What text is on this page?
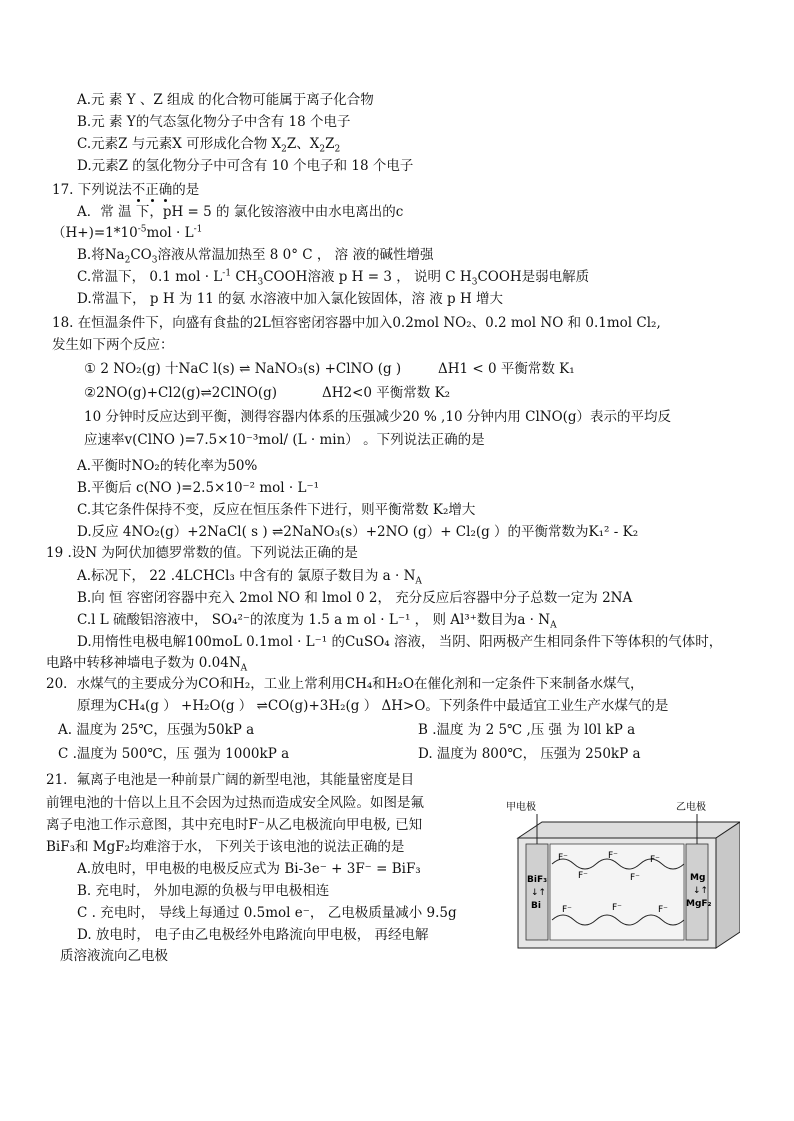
A.元 素 Y 、Z 组成 的化合物可能属于离子化合物
B.元 素 Y的气态氢化物分子中含有 18 个电子
C.元素Z 与元素X 可形成化合物 $X_2Z$、$X_2Z_2$
D.元素Z 的氢化物分子中可含有 10 个电子和 18 个电子
17. 下列说法不正确的是
A．常 温 下，pH = 5 的 氯化铵溶液中由水电离出的c
$(H+)=1*10^{-5}mol \cdot L^{-1}$
B.将$Na_2CO_3$溶液从常温加热至 8 0° C ， 溶 液的碱性增强
C.常温下， 0.1 mol · $L^{-1}$ $CH_3COOH$溶液 p H = 3 ， 说明 C $H_3COOH$是弱电解质
D.常温下， p H 为 11 的氨 水溶液中加入氯化铵固体，溶 液 p H 增大
18. 在恒温条件下，向盛有食盐的2L恒容密闭容器中加入0.2mol NO₂、0.2 mol NO 和 0.1mol Cl₂,
发生如下两个反应：
① 2 NO₂(g) 十NaC l(s) ⇌ NaNO₃(s) +ClNO (g )	ΔH1 < 0 平衡常数 K₁
②2NO(g)+Cl2(g)⇌2ClNO(g)	ΔH2<0 平衡常数 K₂
10 分钟时反应达到平衡，测得容器内体系的压强减少20 % ,10 分钟内用 ClNO(g）表示的平均反
应速率v(ClNO )=7.5×10⁻³mol/ (L · min） 。下列说法正确的是
A.平衡时NO₂的转化率为50%
B.平衡后 c(NO )=2.5×10⁻² mol · L⁻¹
C.其它条件保持不变，反应在恒压条件下进行，则平衡常数 K₂增大
D.反应 4NO₂(g）+2NaCl( s ) ⇌2NaNO₃(s）+2NO (g）+ Cl₂(g ）的平衡常数为K₁² - K₂
19 .设N 为阿伏加德罗常数的值。下列说法正确的是
A.标况下， 22 .4LCHCl₃ 中含有的 氯原子数目为 $a \cdot N_A$
B.向 恒 容密闭容器中充入 2mol NO 和 lmol 0 2， 充分反应后容器中分子总数一定为 2NA
C.l L 硫酸铝溶液中， SO₄²⁻的浓度为 1.5 a m ol · L⁻¹ ， 则 Al³⁺数目为$a \cdot N_A$
D.用惰性电极电解100moL 0.1mol · L⁻¹ 的CuSO₄ 溶液， 当阴、阳两极产生相同条件下等体积的气体时，
电路中转移神墙电子数为 $0.04N_A$
20．水煤气的主要成分为CO和H₂，工业上常利用CH₄和H₂O在催化剂和一定条件下来制备水煤气，
原理为CH₄(g ） +H₂O(g ） ⇌CO(g)+3H₂(g ） ΔH>O。下列条件中最适宜工业生产水煤气的是
A. 温度为 25℃，压强为50kP a	B .温度 为 2 5℃ ,压 强 为 l0l kP a
C .温度为 500℃，压 强为 1000kP a	D. 温度为 800℃， 压强为 250kP a
21．氟离子电池是一种前景广阔的新型电池，其能量密度是目
前锂电池的十倍以上且不会因为过热而造成安全风险。如图是氟
离子电池工作示意图，其中充电时F⁻从乙电极流向甲电极, 已知
BiF₃和 MgF₂均难溶于水， 下列关于该电池的说法正确的是
A.放电时，甲电极的电极反应式为 Bi-3e⁻ + 3F⁻ = BiF₃
B. 充电时， 外加电源的负极与甲电极相连
C . 充电时， 导线上每通过 0.5mol e⁻， 乙电极质量减小 9.5g
D. 放电时， 电子由乙电极经外电路流向甲电极， 再经电解
质溶液流向乙电极
甲电极	乙电极
BiF₃
↓↑
Bi
Mg
↓↑
MgF₂
F⁻	F⁻	F⁻
F⁻	F⁻
F⁻	F⁻	F⁻
